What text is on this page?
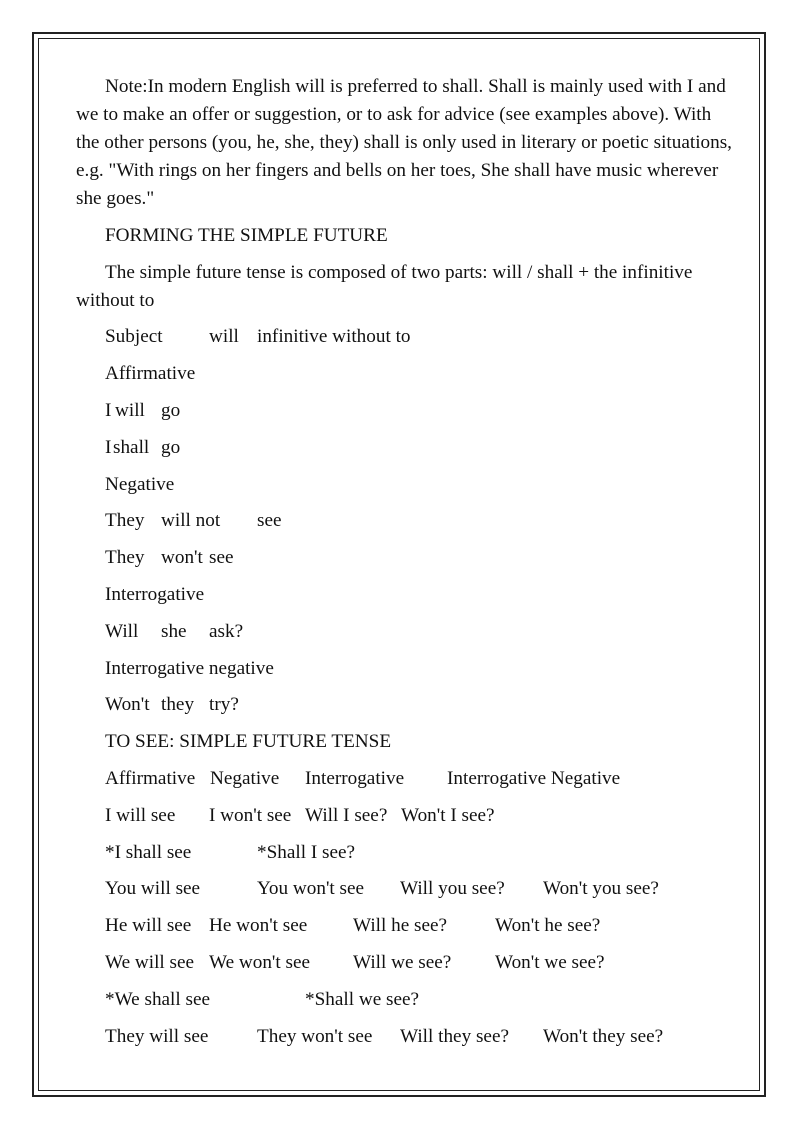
Note:In modern English will is preferred to shall. Shall is mainly used with I and we to make an offer or suggestion, or to ask for advice (see examples above). With the other persons (you, he, she, they) shall is only used in literary or poetic situations, e.g. "With rings on her fingers and bells on her toes, She shall have music wherever she goes."

FORMING THE SIMPLE FUTURE

The simple future tense is composed of two parts: will / shall + the infinitive without to

Subject will infinitive without to
Affirmative
I will go
I shall go
Negative
They will not see
They won't see
Interrogative
Will she ask?
Interrogative negative
Won't they try?
TO SEE: SIMPLE FUTURE TENSE
Affirmative Negative Interrogative Interrogative Negative
I will see I won't see Will I see? Won't I see?
*I shall see	*Shall I see?
You will see	You won't see Will you see? Won't you see?
He will see He won't see Will he see? Won't he see?
We will see We won't see Will we see? Won't we see?
*We shall see	*Shall we see?
They will see	They won't see Will they see? Won't they see?
